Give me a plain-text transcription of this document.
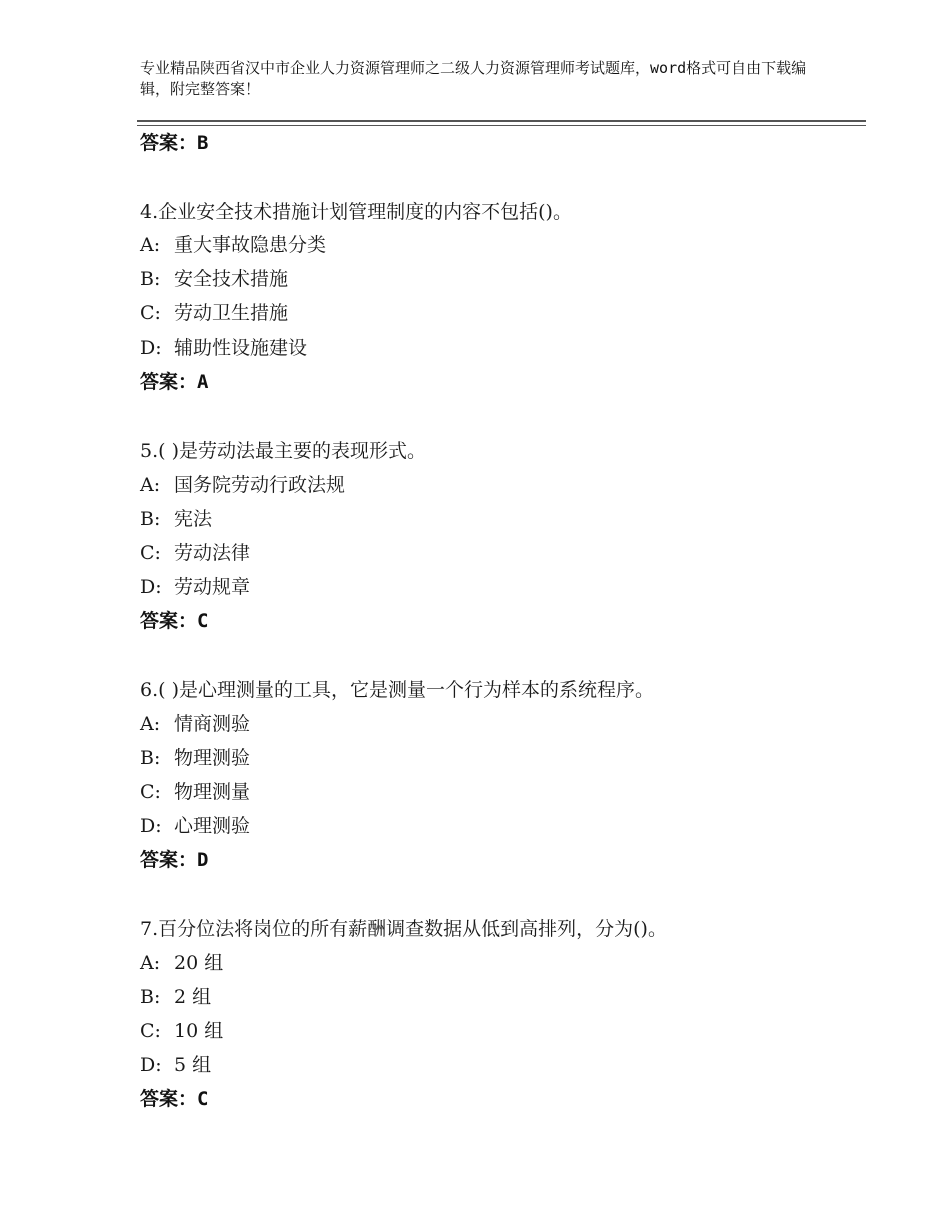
专业精品陕西省汉中市企业人力资源管理师之二级人力资源管理师考试题库，word格式可自由下载编辑，附完整答案！
答案：B
4.企业安全技术措施计划管理制度的内容不包括()。
A: 重大事故隐患分类
B: 安全技术措施
C: 劳动卫生措施
D: 辅助性设施建设
答案：A
5.( )是劳动法最主要的表现形式。
A: 国务院劳动行政法规
B: 宪法
C: 劳动法律
D: 劳动规章
答案：C
6.( )是心理测量的工具，它是测量一个行为样本的系统程序。
A: 情商测验
B: 物理测验
C: 物理测量
D: 心理测验
答案：D
7.百分位法将岗位的所有薪酬调查数据从低到高排列，分为()。
A: 20 组
B: 2 组
C: 10 组
D: 5 组
答案：C
